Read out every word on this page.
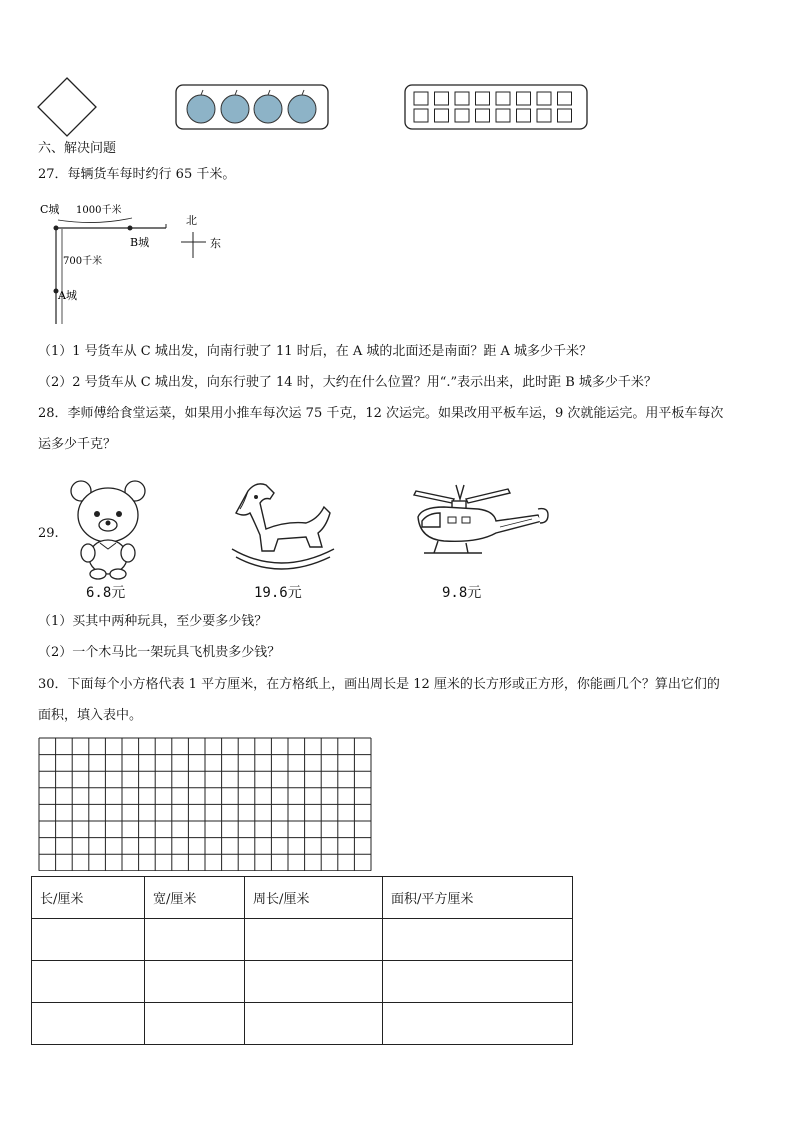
六、解决问题
27．每辆货车每时约行 65 千米。
C城 1000千米
B城
700千米
A城
北
东
（1）1 号货车从 C 城出发，向南行驶了 11 时后，在 A 城的北面还是南面？距 A 城多少千米？
（2）2 号货车从 C 城出发，向东行驶了 14 时，大约在什么位置？用“.”表示出来，此时距 B 城多少千米？
28．李师傅给食堂运菜，如果用小推车每次运 75 千克，12 次运完。如果改用平板车运，9 次就能运完。用平板车每次
运多少千克？
29.
6.8元	19.6元	9.8元
（1）买其中两种玩具，至少要多少钱？
（2）一个木马比一架玩具飞机贵多少钱？
30．下面每个小方格代表 1 平方厘米，在方格纸上，画出周长是 12 厘米的长方形或正方形，你能画几个？算出它们的
面积，填入表中。
长/厘米	宽/厘米	周长/厘米	面积/平方厘米
